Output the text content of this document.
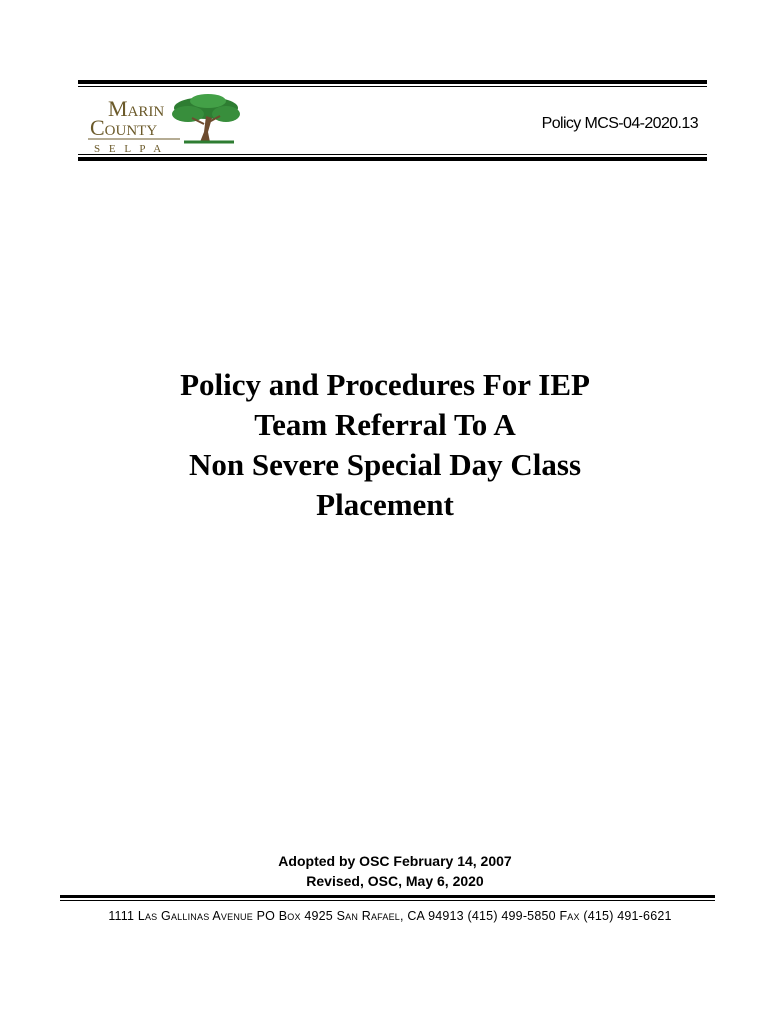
Marin
County
S E L P A
Policy MCS-04-2020.13
Policy and Procedures For IEP
Team Referral To A
Non Severe Special Day Class
Placement
Adopted by OSC February 14, 2007
Revised, OSC, May 6, 2020
1111 Las Gallinas Avenue PO Box 4925 San Rafael, CA 94913 (415) 499-5850 Fax (415) 491-6621
